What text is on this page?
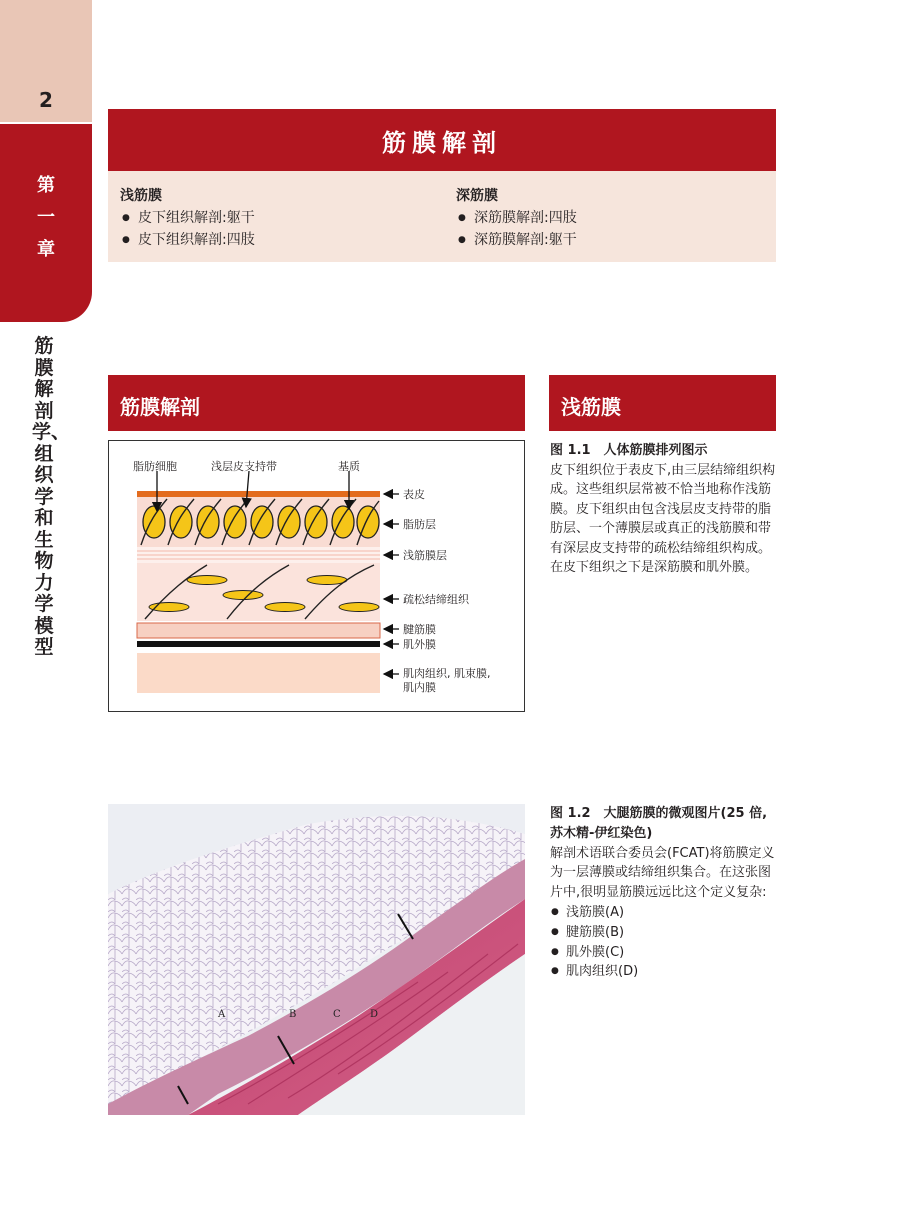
2
第
一
章
筋膜解剖学、组织学和生物力学模型
筋膜解剖
浅筋膜
● 皮下组织解剖:躯干
● 皮下组织解剖:四肢
深筋膜
● 深筋膜解剖:四肢
● 深筋膜解剖:躯干
筋膜解剖	浅筋膜
脂肪细胞	浅层皮支持带	基质
表皮
脂肪层
浅筋膜层
疏松结缔组织
腱筋膜
肌外膜
肌肉组织, 肌束膜,
肌内膜
图 1.1　人体筋膜排列图示
皮下组织位于表皮下,由三层结缔组织构成。这些组织层常被不恰当地称作浅筋膜。皮下组织由包含浅层皮支持带的脂肪层、一个薄膜层或真正的浅筋膜和带有深层皮支持带的疏松结缔组织构成。在皮下组织之下是深筋膜和肌外膜。
A	B	C	D
图 1.2　大腿筋膜的微观图片(25 倍,苏木精-伊红染色)
解剖术语联合委员会(FCAT)将筋膜定义为一层薄膜或结缔组织集合。在这张图片中,很明显筋膜远远比这个定义复杂:
● 浅筋膜(A)
● 腱筋膜(B)
● 肌外膜(C)
● 肌肉组织(D)
